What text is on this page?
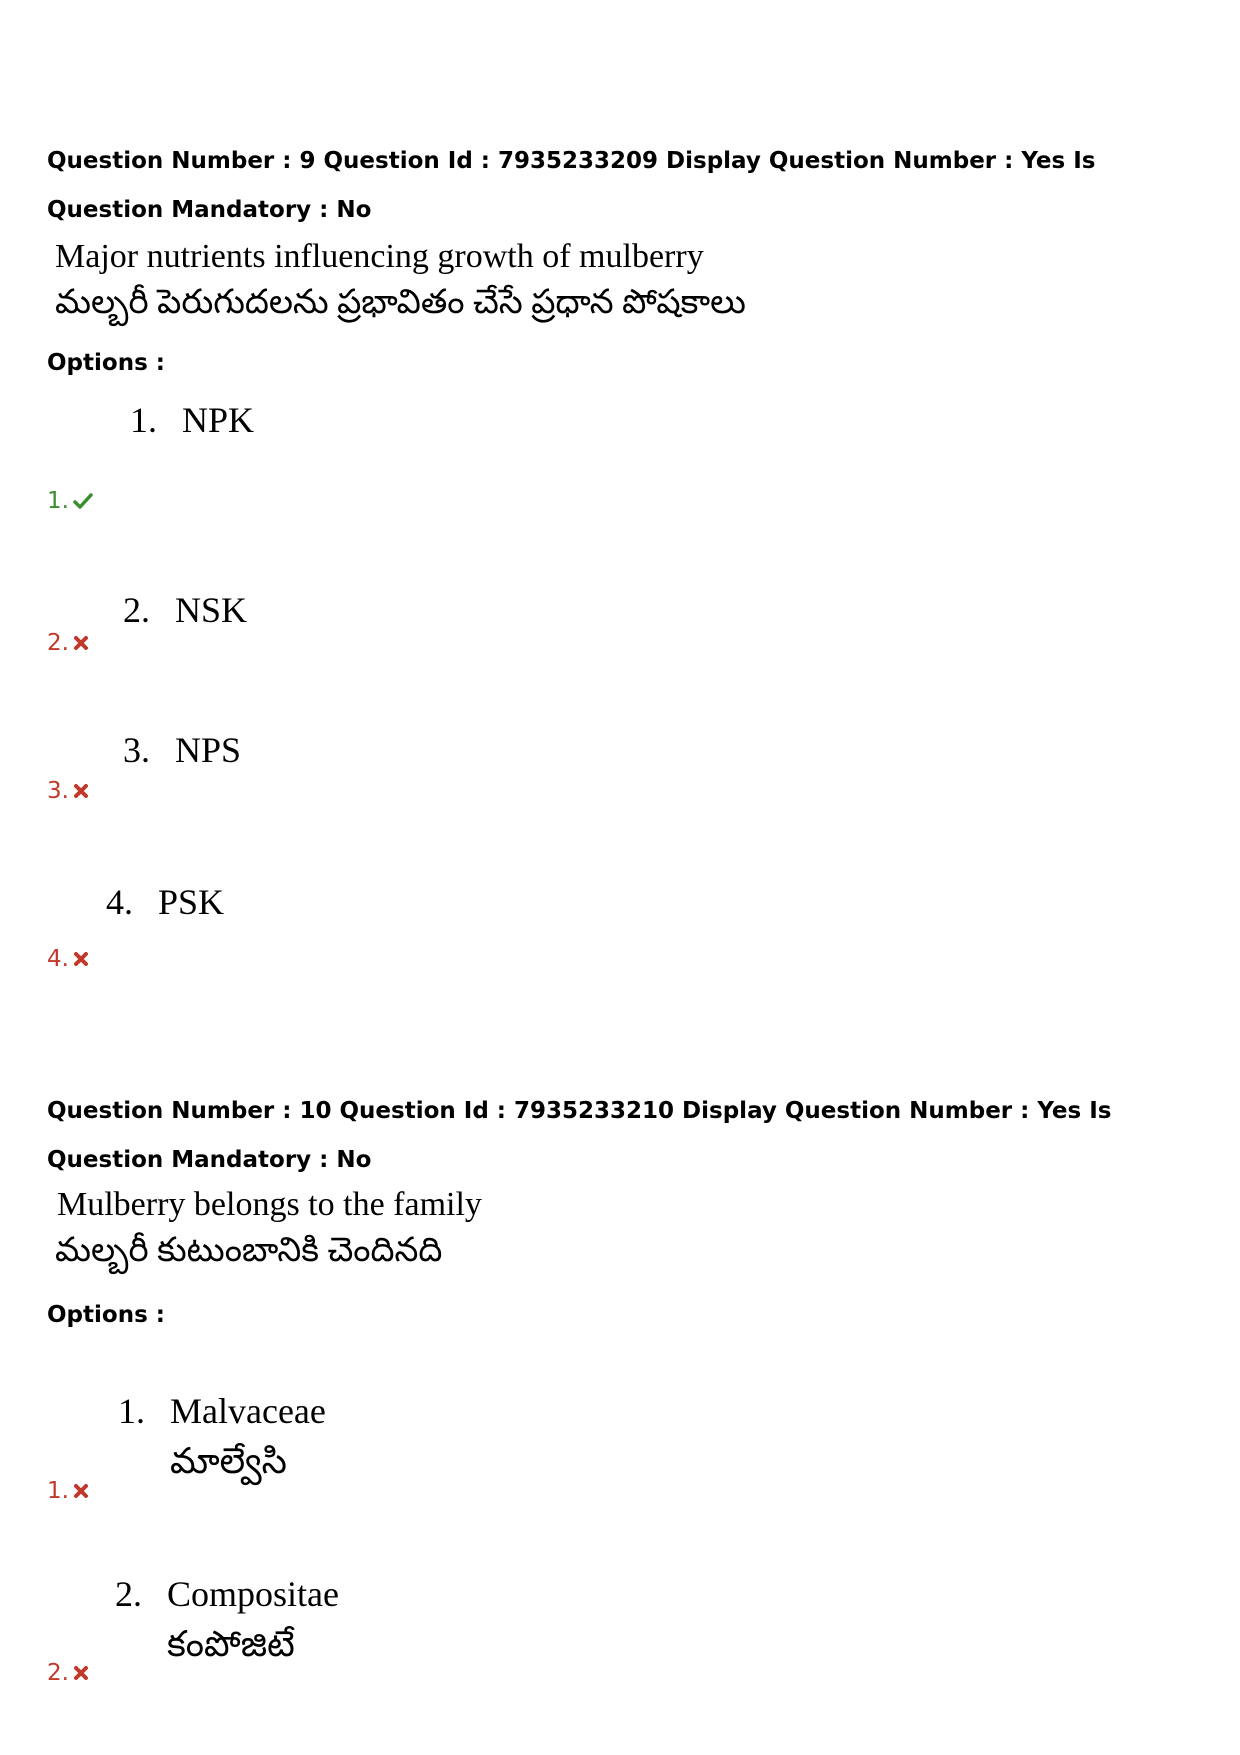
Question Number : 9 Question Id : 7935233209 Display Question Number : Yes Is Question Mandatory : No
Major nutrients influencing growth of mulberry
మల్బరీ పెరుగుదలను ప్రభావితం చేసే ప్రధాన పోషకాలు
Options :
1. NPK
1.
2. NSK
2.
3. NPS
3.
4. PSK
4.
Question Number : 10 Question Id : 7935233210 Display Question Number : Yes Is Question Mandatory : No
Mulberry belongs to the family
మల్బరీ కుటుంబానికి చెందినది
Options :
1. Malvaceae
మాల్వేసి
1.
2. Compositae
కంపోజిటే
2.
